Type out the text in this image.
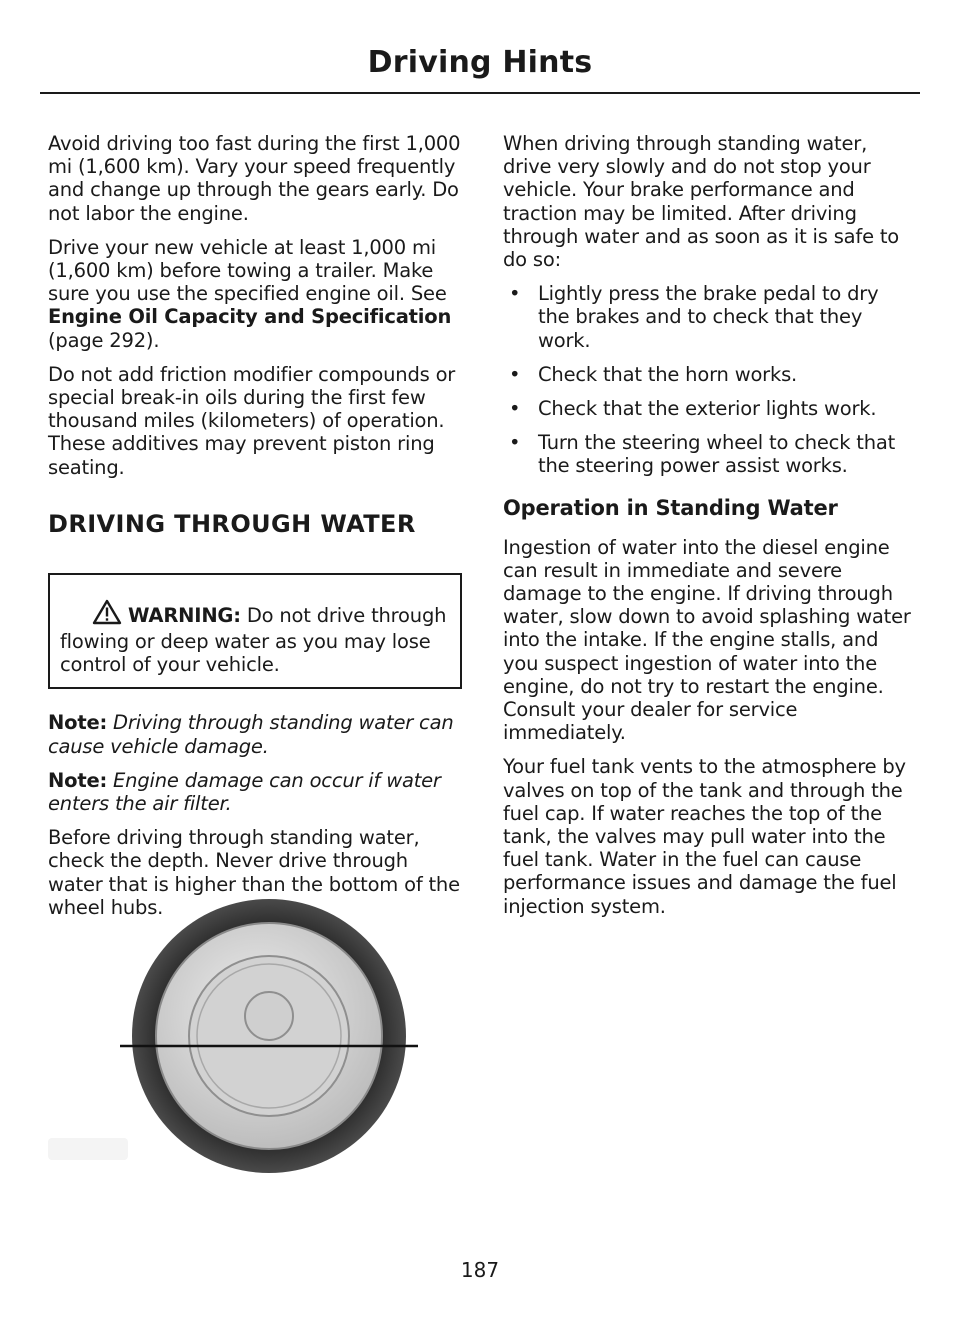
Driving Hints

Avoid driving too fast during the first 1,000 mi (1,600 km). Vary your speed frequently and change up through the gears early. Do not labor the engine.

Drive your new vehicle at least 1,000 mi (1,600 km) before towing a trailer. Make sure you use the specified engine oil. See Engine Oil Capacity and Specification (page 292).

Do not add friction modifier compounds or special break-in oils during the first few thousand miles (kilometers) of operation. These additives may prevent piston ring seating.

DRIVING THROUGH WATER

WARNING: Do not drive through flowing or deep water as you may lose control of your vehicle.

Note: Driving through standing water can cause vehicle damage.

Note: Engine damage can occur if water enters the air filter.

Before driving through standing water, check the depth. Never drive through water that is higher than the bottom of the wheel hubs.

When driving through standing water, drive very slowly and do not stop your vehicle. Your brake performance and traction may be limited. After driving through water and as soon as it is safe to do so:

• Lightly press the brake pedal to dry the brakes and to check that they work.
• Check that the horn works.
• Check that the exterior lights work.
• Turn the steering wheel to check that the steering power assist works.
Operation in Standing Water

Ingestion of water into the diesel engine can result in immediate and severe damage to the engine. If driving through water, slow down to avoid splashing water into the intake. If the engine stalls, and you suspect ingestion of water into the engine, do not try to restart the engine. Consult your dealer for service immediately.

Your fuel tank vents to the atmosphere by valves on top of the tank and through the fuel cap. If water reaches the top of the tank, the valves may pull water into the fuel tank. Water in the fuel can cause performance issues and damage the fuel injection system.

187
